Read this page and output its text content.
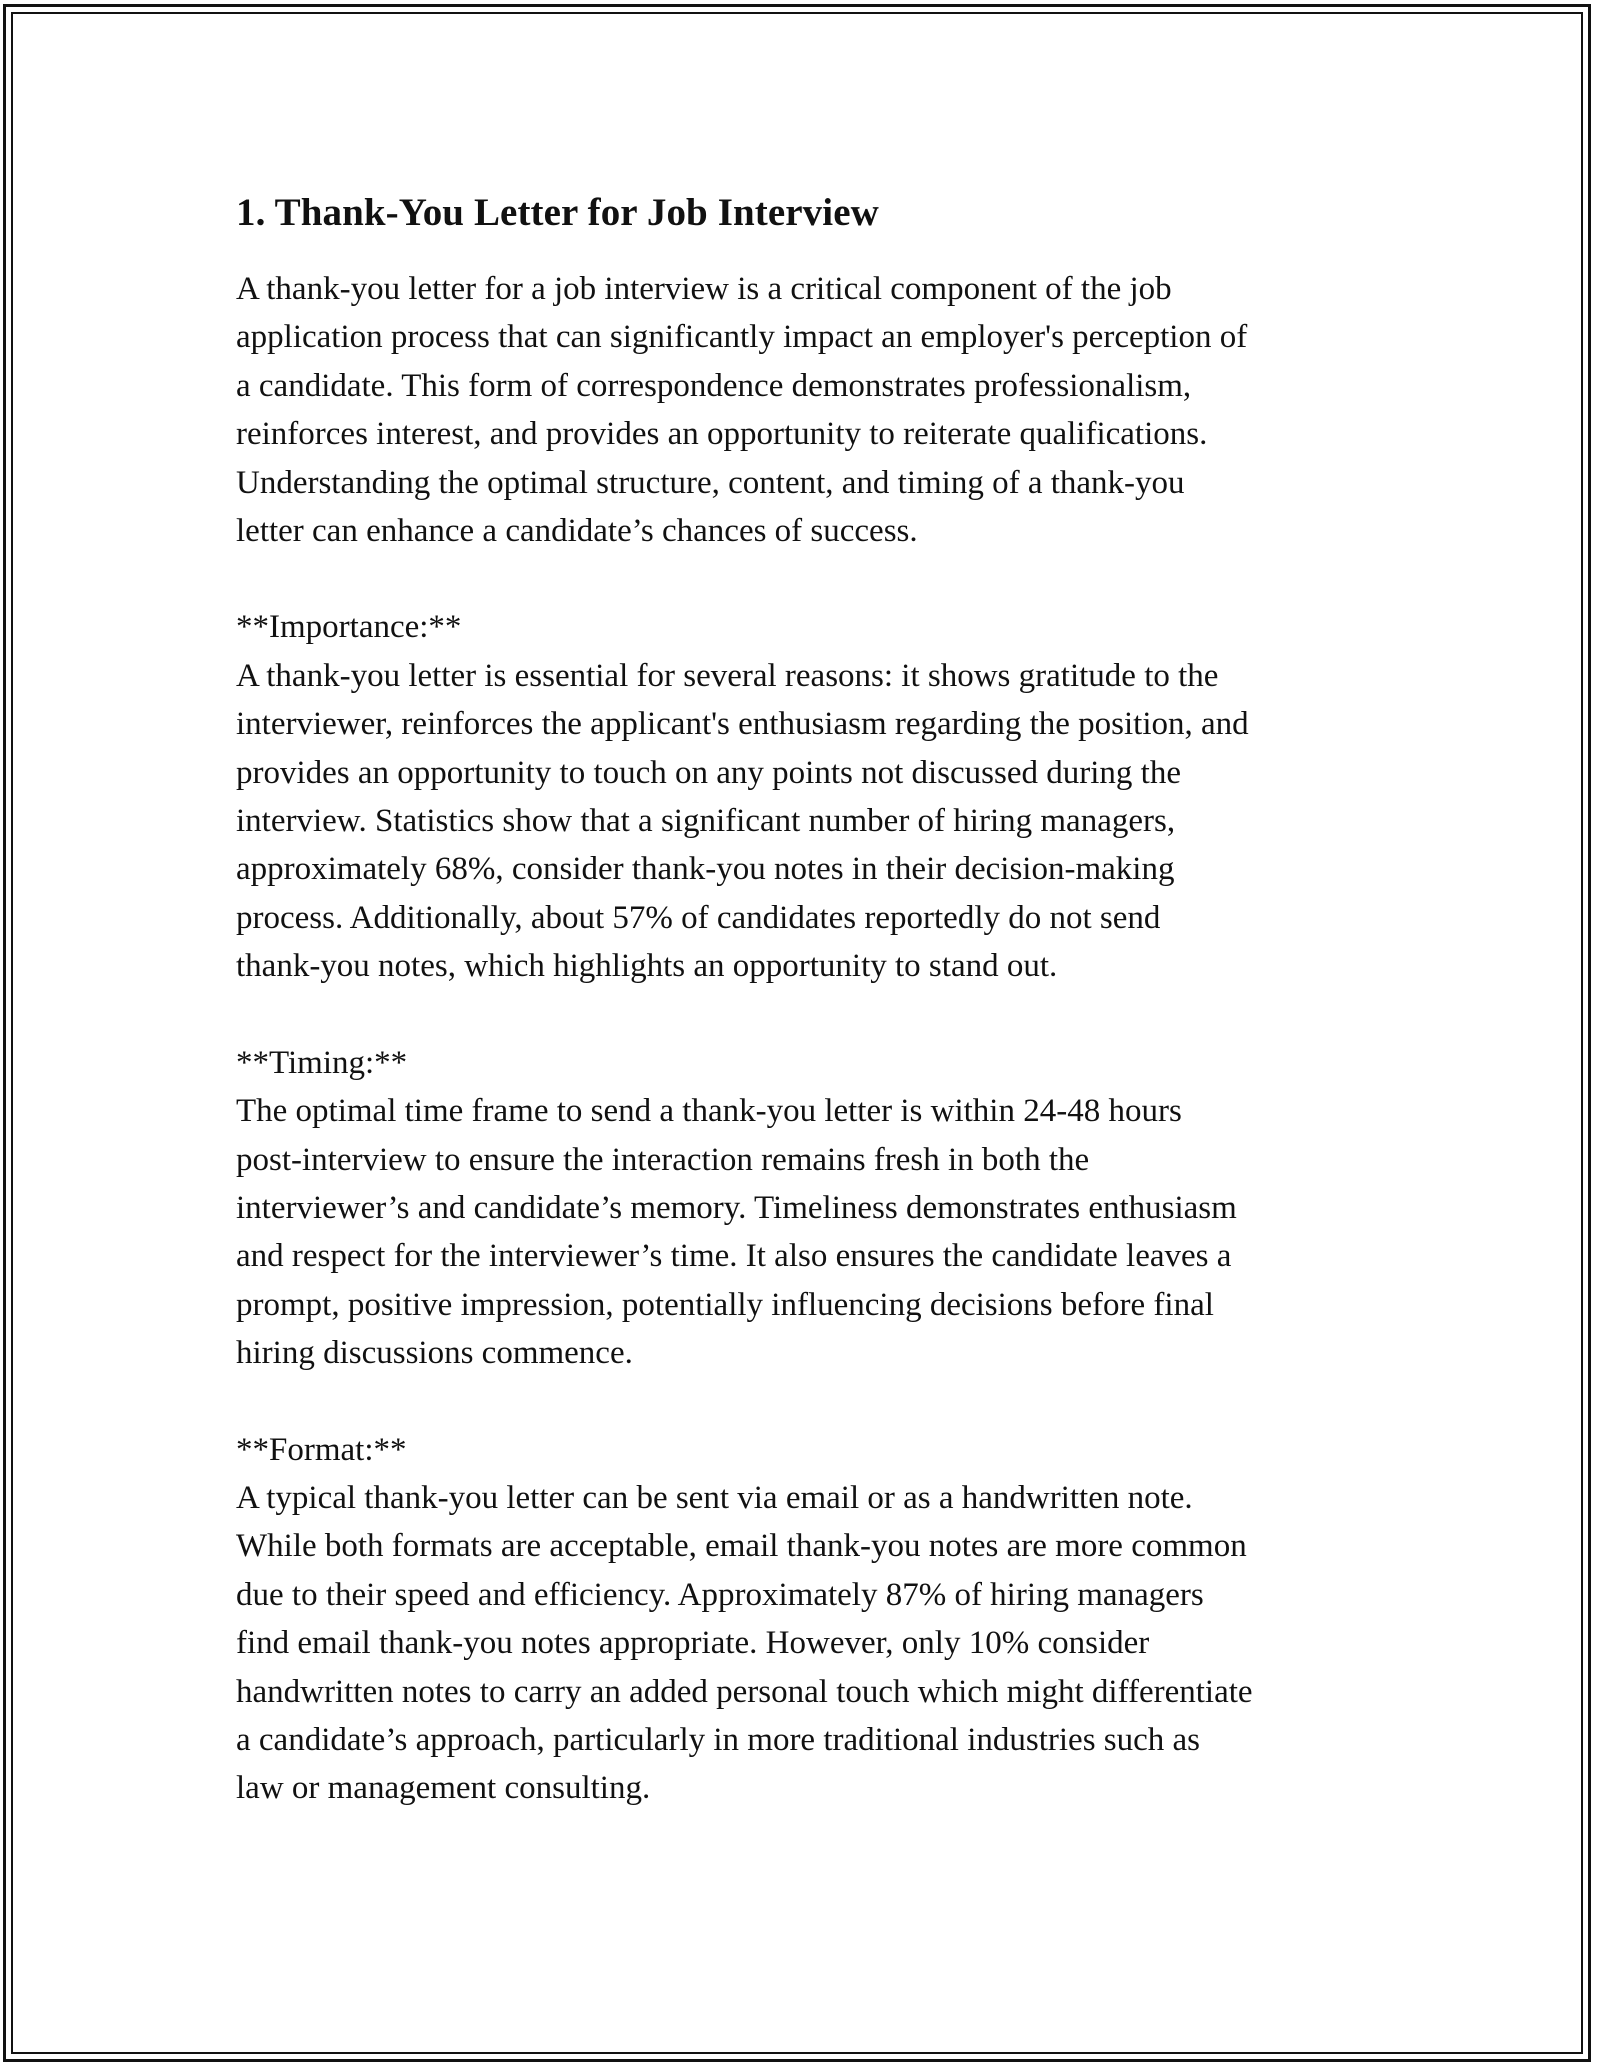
1. Thank-You Letter for Job Interview

A thank-you letter for a job interview is a critical component of the job
application process that can significantly impact an employer's perception of
a candidate. This form of correspondence demonstrates professionalism,
reinforces interest, and provides an opportunity to reiterate qualifications.
Understanding the optimal structure, content, and timing of a thank-you
letter can enhance a candidate’s chances of success.

**Importance:**

A thank-you letter is essential for several reasons: it shows gratitude to the
interviewer, reinforces the applicant's enthusiasm regarding the position, and
provides an opportunity to touch on any points not discussed during the
interview. Statistics show that a significant number of hiring managers,
approximately 68%, consider thank-you notes in their decision-making
process. Additionally, about 57% of candidates reportedly do not send
thank-you notes, which highlights an opportunity to stand out.

**Timing:**

The optimal time frame to send a thank-you letter is within 24-48 hours
post-interview to ensure the interaction remains fresh in both the
interviewer’s and candidate’s memory. Timeliness demonstrates enthusiasm
and respect for the interviewer’s time. It also ensures the candidate leaves a
prompt, positive impression, potentially influencing decisions before final
hiring discussions commence.

**Format:**

A typical thank-you letter can be sent via email or as a handwritten note.
While both formats are acceptable, email thank-you notes are more common
due to their speed and efficiency. Approximately 87% of hiring managers
find email thank-you notes appropriate. However, only 10% consider
handwritten notes to carry an added personal touch which might differentiate
a candidate’s approach, particularly in more traditional industries such as
law or management consulting.
